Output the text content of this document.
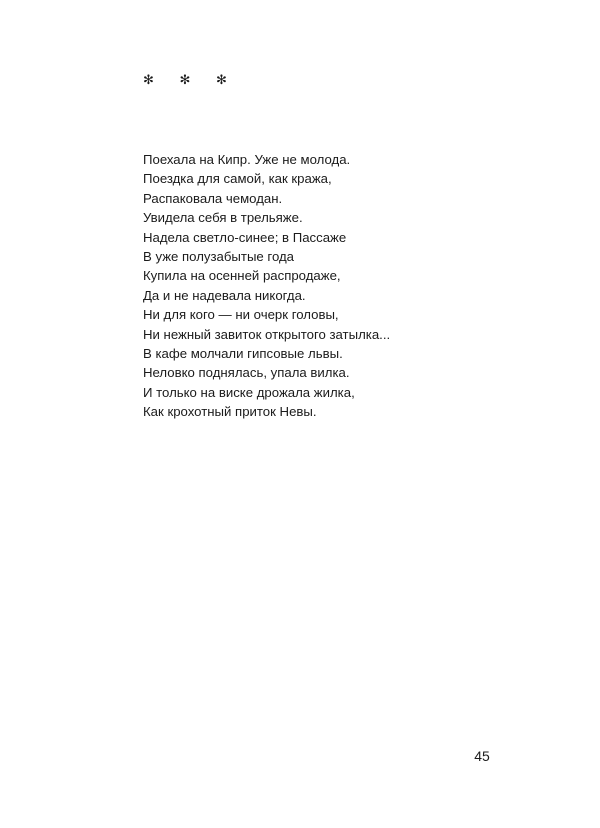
✻ ✻ ✻
Поехала на Кипр. Уже не молода.
Поездка для самой, как кража,
Распаковала чемодан.
Увидела себя в трельяже.
Надела светло-синее; в Пассаже
В уже полузабытые года
Купила на осенней распродаже,
Да и не надевала никогда.
Ни для кого — ни очерк головы,
Ни нежный завиток открытого затылка...
В кафе молчали гипсовые львы.
Неловко поднялась, упала вилка.
И только на виске дрожала жилка,
Как крохотный приток Невы.
45
